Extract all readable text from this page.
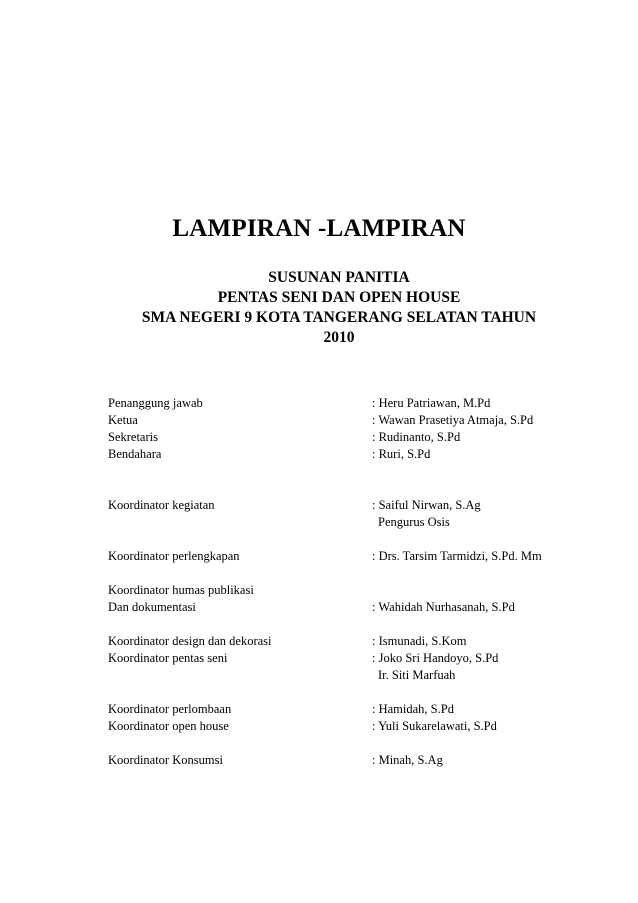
LAMPIRAN -LAMPIRAN
SUSUNAN PANITIA
PENTAS SENI DAN OPEN HOUSE
SMA NEGERI 9 KOTA TANGERANG SELATAN TAHUN
2010
Penanggung jawab	: Heru Patriawan, M.Pd
Ketua	: Wawan Prasetiya Atmaja, S.Pd
Sekretaris	: Rudinanto, S.Pd
Bendahara	: Ruri, S.Pd
Koordinator kegiatan	: Saiful Nirwan, S.Ag
Pengurus Osis
Koordinator perlengkapan	: Drs. Tarsim Tarmidzi, S.Pd. Mm
Koordinator humas publikasi
Dan dokumentasi	: Wahidah Nurhasanah, S.Pd
Koordinator design dan dekorasi	: Ismunadi, S.Kom
Koordinator pentas seni	: Joko Sri Handoyo, S.Pd
Ir. Siti Marfuah
Koordinator perlombaan	: Hamidah, S.Pd
Koordinator open house	: Yuli Sukarelawati, S.Pd
Koordinator Konsumsi	: Minah, S.Ag
